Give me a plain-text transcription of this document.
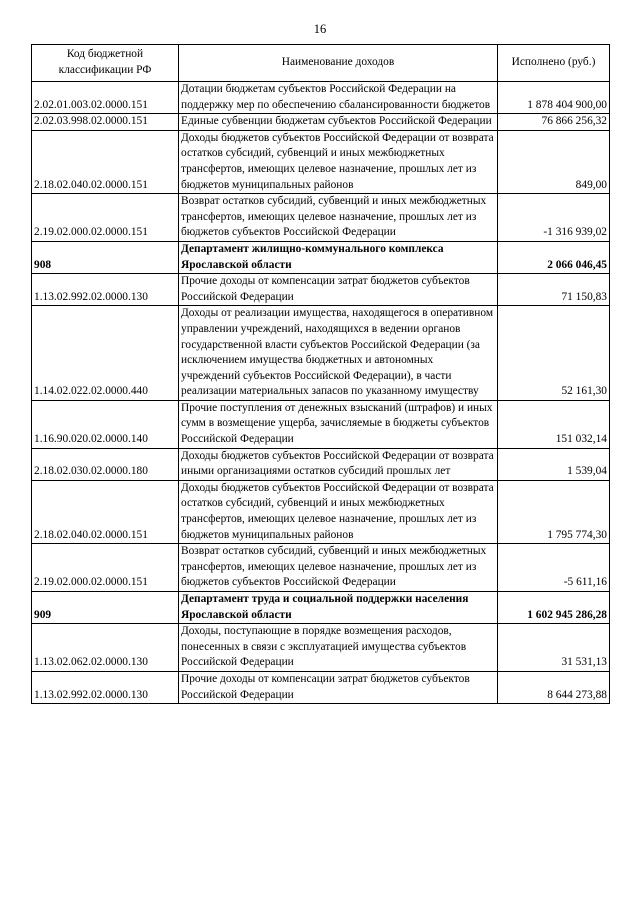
16
Код бюджетной классификации РФ	Наименование доходов	Исполнено (руб.)
2.02.01.003.02.0000.151	Дотации бюджетам субъектов Российской Федерации на поддержку мер по обеспечению сбалансированности бюджетов	1 878 404 900,00
2.02.03.998.02.0000.151	Единые субвенции бюджетам субъектов Российской Федерации	76 866 256,32
2.18.02.040.02.0000.151	Доходы бюджетов субъектов Российской Федерации от возврата остатков субсидий, субвенций и иных межбюджетных трансфертов, имеющих целевое назначение, прошлых лет из бюджетов муниципальных районов	849,00
2.19.02.000.02.0000.151	Возврат остатков субсидий, субвенций и иных межбюджетных трансфертов, имеющих целевое назначение, прошлых лет из бюджетов субъектов Российской Федерации	-1 316 939,02
908	Департамент жилищно-коммунального комплекса Ярославской области	2 066 046,45
1.13.02.992.02.0000.130	Прочие доходы от компенсации затрат бюджетов субъектов Российской Федерации	71 150,83
1.14.02.022.02.0000.440	Доходы от реализации имущества, находящегося в оперативном управлении учреждений, находящихся в ведении органов государственной власти субъектов Российской Федерации (за исключением имущества бюджетных и автономных учреждений субъектов Российской Федерации), в части реализации материальных запасов по указанному имуществу	52 161,30
1.16.90.020.02.0000.140	Прочие поступления от денежных взысканий (штрафов) и иных сумм в возмещение ущерба, зачисляемые в бюджеты субъектов Российской Федерации	151 032,14
2.18.02.030.02.0000.180	Доходы бюджетов субъектов Российской Федерации от возврата иными организациями остатков субсидий прошлых лет	1 539,04
2.18.02.040.02.0000.151	Доходы бюджетов субъектов Российской Федерации от возврата остатков субсидий, субвенций и иных межбюджетных трансфертов, имеющих целевое назначение, прошлых лет из бюджетов муниципальных районов	1 795 774,30
2.19.02.000.02.0000.151	Возврат остатков субсидий, субвенций и иных межбюджетных трансфертов, имеющих целевое назначение, прошлых лет из бюджетов субъектов Российской Федерации	-5 611,16
909	Департамент труда и социальной поддержки населения Ярославской области	1 602 945 286,28
1.13.02.062.02.0000.130	Доходы, поступающие в порядке возмещения расходов, понесенных в связи с эксплуатацией имущества субъектов Российской Федерации	31 531,13
1.13.02.992.02.0000.130	Прочие доходы от компенсации затрат бюджетов субъектов Российской Федерации	8 644 273,88
